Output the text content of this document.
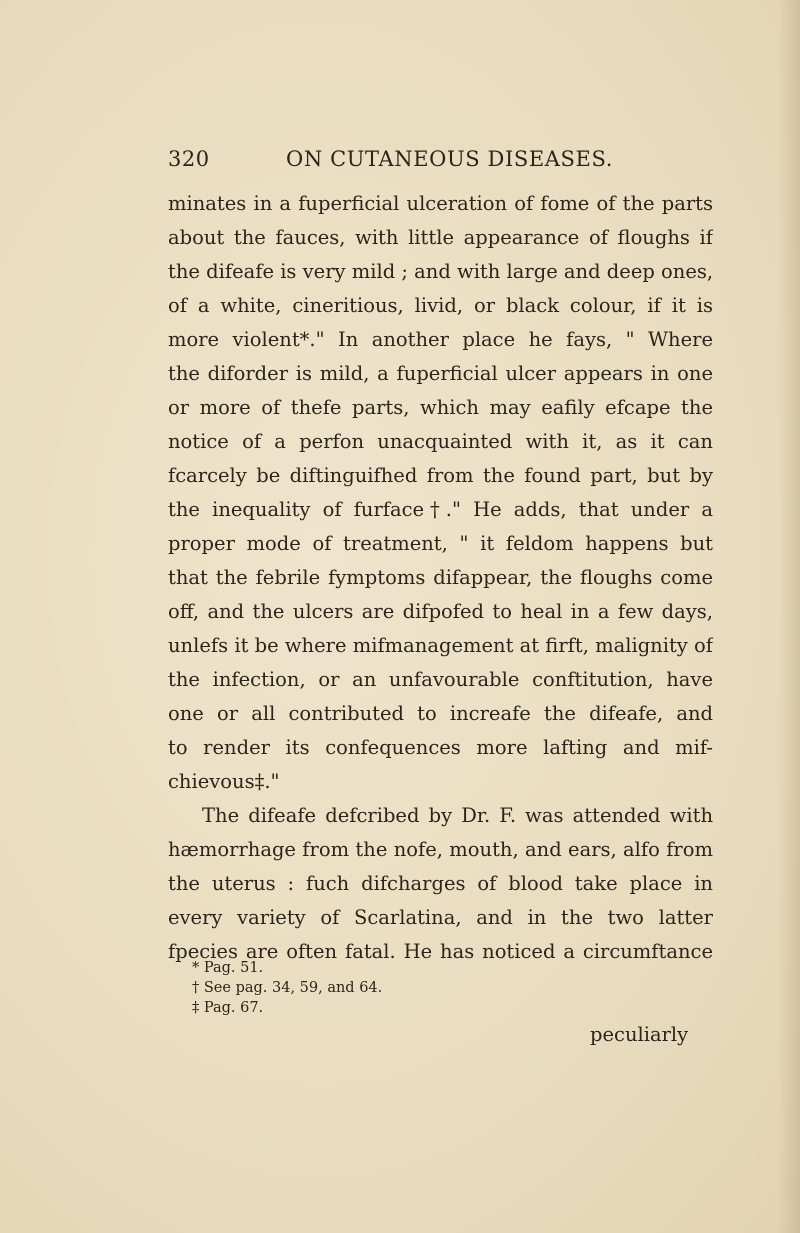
320	ON CUTANEOUS DISEASES.
minates in a fuperficial ulceration of fome of the parts
about the fauces, with little appearance of floughs if
the difeafe is very mild ; and with large and deep ones,
of a white, cineritious, livid, or black colour, if it is
more violent*." In another place he fays, " Where
the diforder is mild, a fuperficial ulcer appears in one
or more of thefe parts, which may eafily efcape the
notice of a perfon unacquainted with it, as it can
fcarcely be diftinguifhed from the found part, but by
the inequality of furface†." He adds, that under a
proper mode of treatment, " it feldom happens but
that the febrile fymptoms difappear, the floughs come
off, and the ulcers are difpofed to heal in a few days,
unlefs it be where mifmanagement at firft, malignity of
the infection, or an unfavourable conftitution, have
one or all contributed to increafe the difeafe, and
to render its confequences more lafting and mif-
chievous‡."
The difeafe defcribed by Dr. F. was attended with
hæmorrhage from the nofe, mouth, and ears, alfo from
the uterus : fuch difcharges of blood take place in
every variety of Scarlatina, and in the two latter
fpecies are often fatal. He has noticed a circumftance
* Pag. 51.
† See pag. 34, 59, and 64.
‡ Pag. 67.
peculiarly
